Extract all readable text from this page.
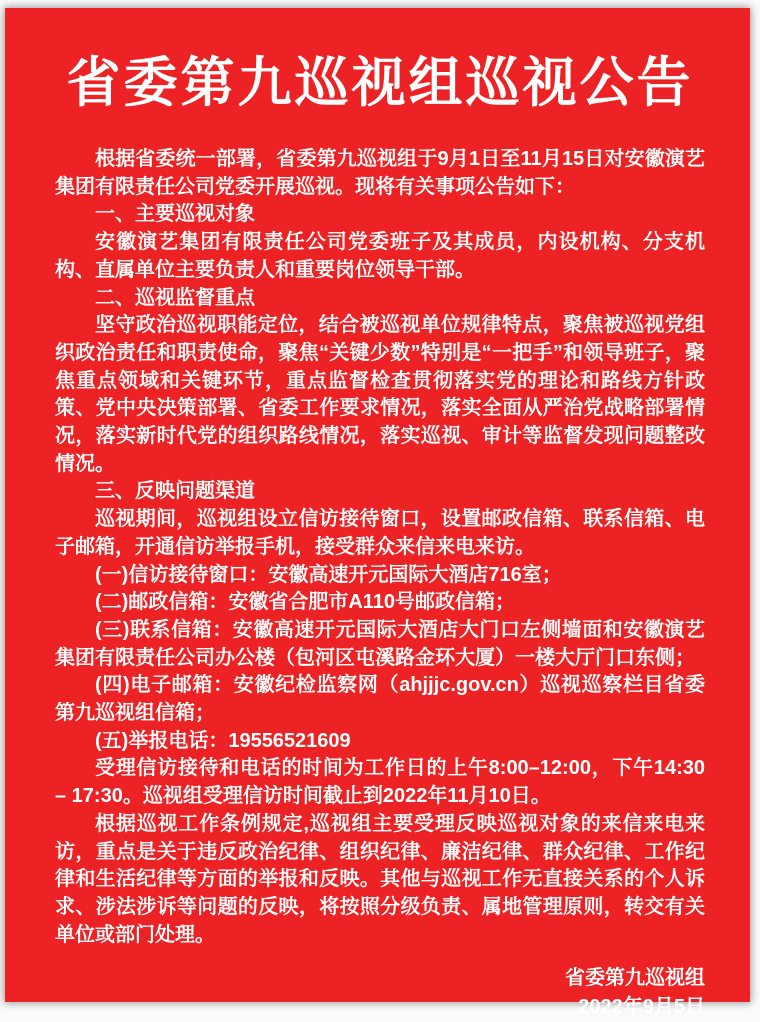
省委第九巡视组巡视公告

根据省委统一部署，省委第九巡视组于9月1日至11月15日对安徽演艺集团有限责任公司党委开展巡视。现将有关事项公告如下：

一、主要巡视对象

安徽演艺集团有限责任公司党委班子及其成员，内设机构、分支机构、直属单位主要负责人和重要岗位领导干部。

二、巡视监督重点

坚守政治巡视职能定位，结合被巡视单位规律特点，聚焦被巡视党组织政治责任和职责使命，聚焦“关键少数”特别是“一把手”和领导班子，聚焦重点领域和关键环节，重点监督检查贯彻落实党的理论和路线方针政策、党中央决策部署、省委工作要求情况，落实全面从严治党战略部署情况，落实新时代党的组织路线情况，落实巡视、审计等监督发现问题整改情况。

三、反映问题渠道

巡视期间，巡视组设立信访接待窗口，设置邮政信箱、联系信箱、电子邮箱，开通信访举报手机，接受群众来信来电来访。

(一)信访接待窗口：安徽高速开元国际大酒店716室；

(二)邮政信箱：安徽省合肥市A110号邮政信箱；

(三)联系信箱：安徽高速开元国际大酒店大门口左侧墙面和安徽演艺集团有限责任公司办公楼（包河区屯溪路金环大厦）一楼大厅门口东侧；

(四)电子邮箱：安徽纪检监察网（ahjjjc.gov.cn）巡视巡察栏目省委第九巡视组信箱；

(五)举报电话：19556521609

受理信访接待和电话的时间为工作日的上午8:00–12:00，下午14:30 – 17:30。巡视组受理信访时间截止到2022年11月10日。

根据巡视工作条例规定,巡视组主要受理反映巡视对象的来信来电来访，重点是关于违反政治纪律、组织纪律、廉洁纪律、群众纪律、工作纪律和生活纪律等方面的举报和反映。其他与巡视工作无直接关系的个人诉求、涉法涉诉等问题的反映，将按照分级负责、属地管理原则，转交有关单位或部门处理。

省委第九巡视组
2022年9月5日
